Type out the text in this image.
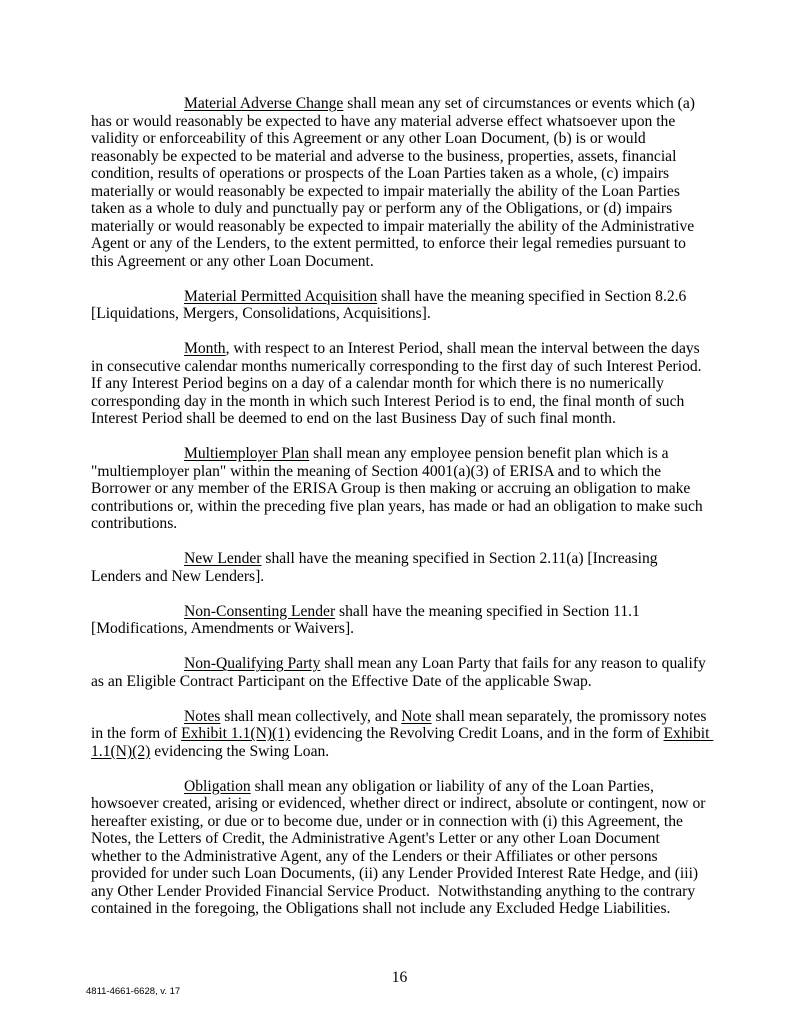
Material Adverse Change shall mean any set of circumstances or events which (a) has or would reasonably be expected to have any material adverse effect whatsoever upon the validity or enforceability of this Agreement or any other Loan Document, (b) is or would reasonably be expected to be material and adverse to the business, properties, assets, financial condition, results of operations or prospects of the Loan Parties taken as a whole, (c) impairs materially or would reasonably be expected to impair materially the ability of the Loan Parties taken as a whole to duly and punctually pay or perform any of the Obligations, or (d) impairs materially or would reasonably be expected to impair materially the ability of the Administrative Agent or any of the Lenders, to the extent permitted, to enforce their legal remedies pursuant to this Agreement or any other Loan Document.

Material Permitted Acquisition shall have the meaning specified in Section 8.2.6 [Liquidations, Mergers, Consolidations, Acquisitions].

Month, with respect to an Interest Period, shall mean the interval between the days in consecutive calendar months numerically corresponding to the first day of such Interest Period.  If any Interest Period begins on a day of a calendar month for which there is no numerically corresponding day in the month in which such Interest Period is to end, the final month of such Interest Period shall be deemed to end on the last Business Day of such final month.

Multiemployer Plan shall mean any employee pension benefit plan which is a "multiemployer plan" within the meaning of Section 4001(a)(3) of ERISA and to which the Borrower or any member of the ERISA Group is then making or accruing an obligation to make contributions or, within the preceding five plan years, has made or had an obligation to make such contributions.

New Lender shall have the meaning specified in Section 2.11(a) [Increasing Lenders and New Lenders].

Non-Consenting Lender shall have the meaning specified in Section 11.1 [Modifications, Amendments or Waivers].

Non-Qualifying Party shall mean any Loan Party that fails for any reason to qualify as an Eligible Contract Participant on the Effective Date of the applicable Swap.

Notes shall mean collectively, and Note shall mean separately, the promissory notes in the form of Exhibit 1.1(N)(1) evidencing the Revolving Credit Loans, and in the form of Exhibit 1.1(N)(2) evidencing the Swing Loan.

Obligation shall mean any obligation or liability of any of the Loan Parties, howsoever created, arising or evidenced, whether direct or indirect, absolute or contingent, now or hereafter existing, or due or to become due, under or in connection with (i) this Agreement, the Notes, the Letters of Credit, the Administrative Agent's Letter or any other Loan Document whether to the Administrative Agent, any of the Lenders or their Affiliates or other persons provided for under such Loan Documents, (ii) any Lender Provided Interest Rate Hedge, and (iii) any Other Lender Provided Financial Service Product.  Notwithstanding anything to the contrary contained in the foregoing, the Obligations shall not include any Excluded Hedge Liabilities.

16
4811-4661-6628, v. 17
